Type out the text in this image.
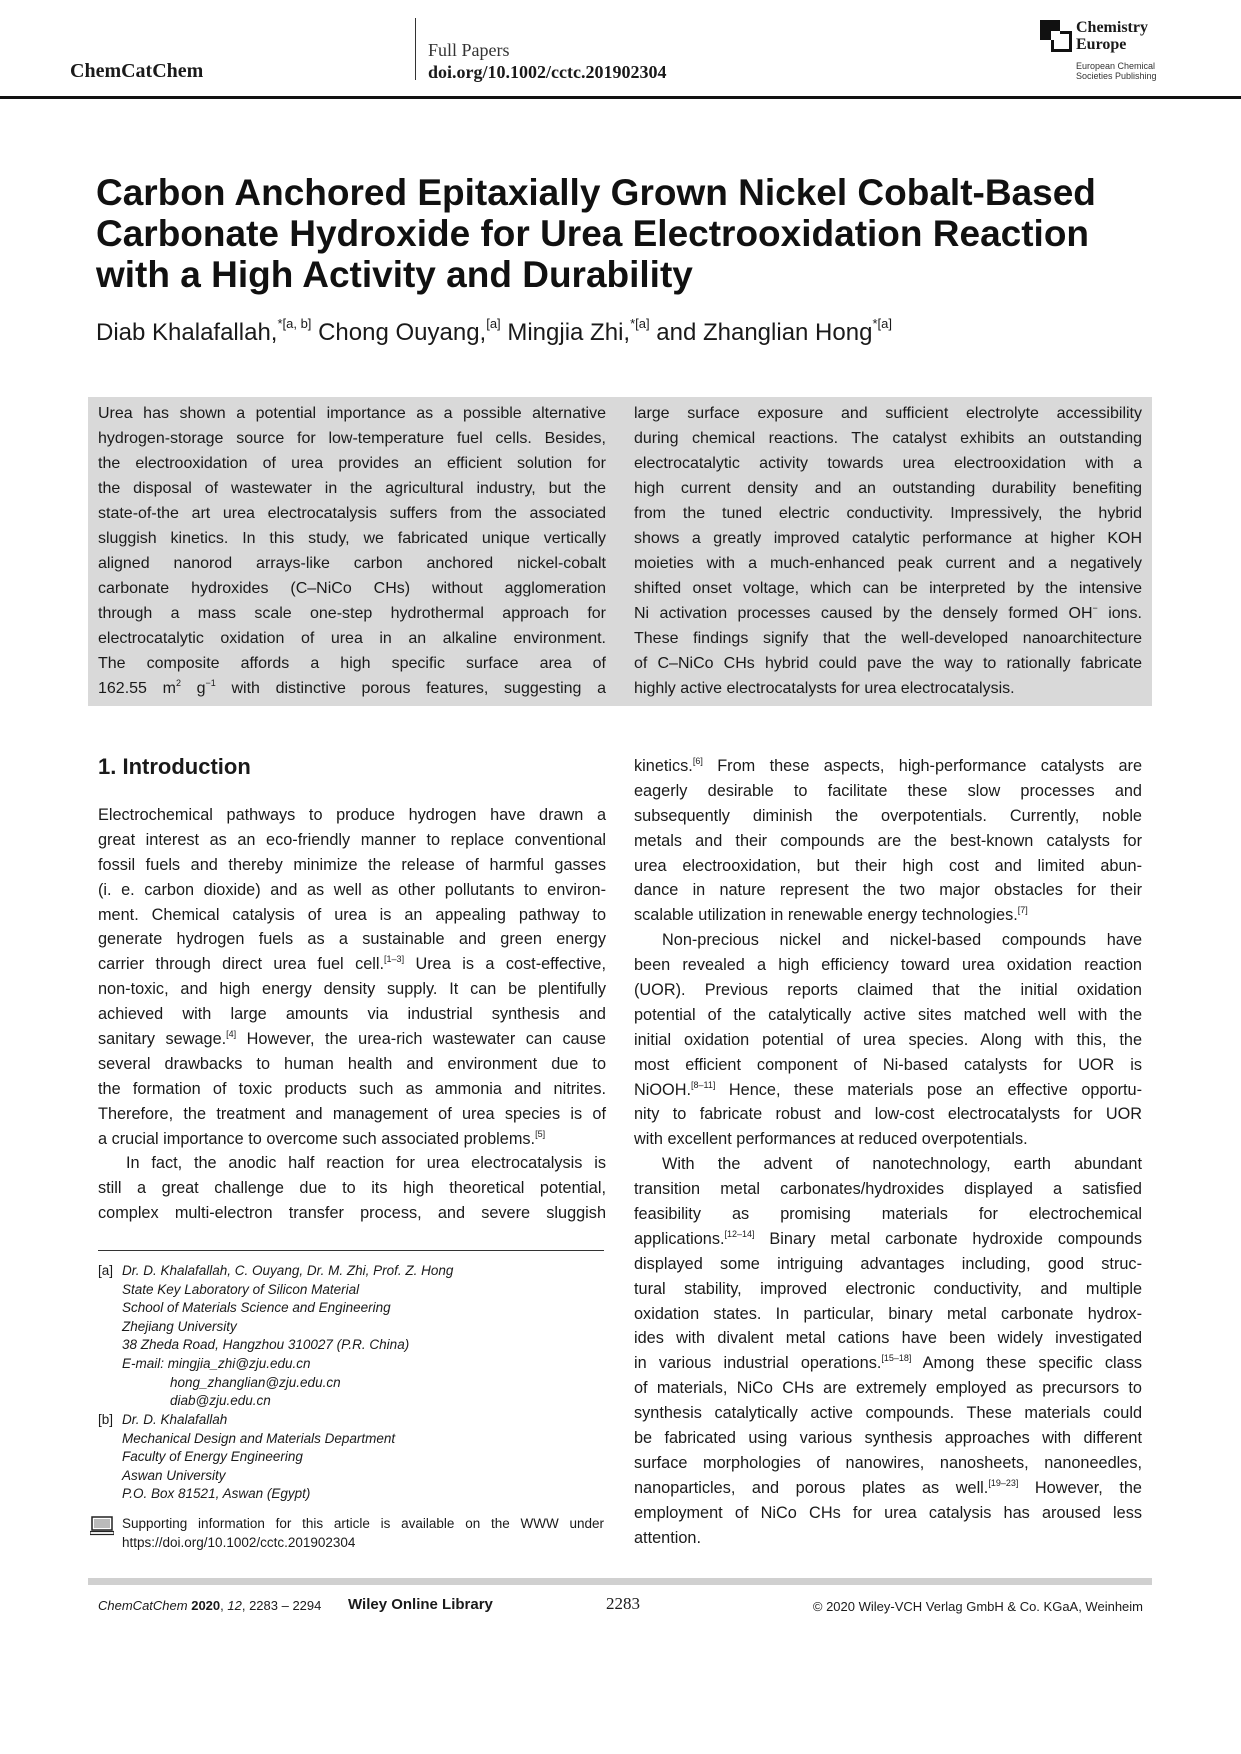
ChemCatChem
Full Papers
doi.org/10.1002/cctc.201902304
Chemistry
Europe
European Chemical
Societies Publishing
Carbon Anchored Epitaxially Grown Nickel Cobalt-Based
Carbonate Hydroxide for Urea Electrooxidation Reaction
with a High Activity and Durability
Diab Khalafallah,$^{*[a, b]}$ Chong Ouyang,[a] Mingjia Zhi,$^{*[a]}$ and Zhanglian Hong$^{*[a]}$
Urea has shown a potential importance as a possible alternative
hydrogen-storage source for low-temperature fuel cells. Besides,
the electrooxidation of urea provides an efficient solution for
the disposal of wastewater in the agricultural industry, but the
state-of-the art urea electrocatalysis suffers from the associated
sluggish kinetics. In this study, we fabricated unique vertically
aligned nanorod arrays-like carbon anchored nickel-cobalt
carbonate hydroxides (C–NiCo CHs) without agglomeration
through a mass scale one-step hydrothermal approach for
electrocatalytic oxidation of urea in an alkaline environment.
The composite affords a high specific surface area of
162.55 $m^2$ $g^{-1}$ with distinctive porous features, suggesting a
large surface exposure and sufficient electrolyte accessibility
during chemical reactions. The catalyst exhibits an outstanding
electrocatalytic activity towards urea electrooxidation with a
high current density and an outstanding durability benefiting
from the tuned electric conductivity. Impressively, the hybrid
shows a greatly improved catalytic performance at higher KOH
moieties with a much-enhanced peak current and a negatively
shifted onset voltage, which can be interpreted by the intensive
Ni activation processes caused by the densely formed OH− ions.
These findings signify that the well-developed nanoarchitecture
of C–NiCo CHs hybrid could pave the way to rationally fabricate
highly active electrocatalysts for urea electrocatalysis.
1. Introduction
Electrochemical pathways to produce hydrogen have drawn a
great interest as an eco-friendly manner to replace conventional
fossil fuels and thereby minimize the release of harmful gasses
(i. e. carbon dioxide) and as well as other pollutants to environ-
ment. Chemical catalysis of urea is an appealing pathway to
generate hydrogen fuels as a sustainable and green energy
carrier through direct urea fuel cell.[1–3] Urea is a cost-effective,
non-toxic, and high energy density supply. It can be plentifully
achieved with large amounts via industrial synthesis and
sanitary sewage.[4] However, the urea-rich wastewater can cause
several drawbacks to human health and environment due to
the formation of toxic products such as ammonia and nitrites.
Therefore, the treatment and management of urea species is of
a crucial importance to overcome such associated problems.[5]
In fact, the anodic half reaction for urea electrocatalysis is
still a great challenge due to its high theoretical potential,
complex multi-electron transfer process, and severe sluggish
kinetics.[6] From these aspects, high-performance catalysts are
eagerly desirable to facilitate these slow processes and
subsequently diminish the overpotentials. Currently, noble
metals and their compounds are the best-known catalysts for
urea electrooxidation, but their high cost and limited abun-
dance in nature represent the two major obstacles for their
scalable utilization in renewable energy technologies.[7]
Non-precious nickel and nickel-based compounds have
been revealed a high efficiency toward urea oxidation reaction
(UOR). Previous reports claimed that the initial oxidation
potential of the catalytically active sites matched well with the
initial oxidation potential of urea species. Along with this, the
most efficient component of Ni-based catalysts for UOR is
NiOOH.[8–11] Hence, these materials pose an effective opportu-
nity to fabricate robust and low-cost electrocatalysts for UOR
with excellent performances at reduced overpotentials.
With the advent of nanotechnology, earth abundant
transition metal carbonates/hydroxides displayed a satisfied
feasibility as promising materials for electrochemical
applications.[12–14] Binary metal carbonate hydroxide compounds
displayed some intriguing advantages including, good struc-
tural stability, improved electronic conductivity, and multiple
oxidation states. In particular, binary metal carbonate hydrox-
ides with divalent metal cations have been widely investigated
in various industrial operations.[15–18] Among these specific class
of materials, NiCo CHs are extremely employed as precursors to
synthesis catalytically active compounds. These materials could
be fabricated using various synthesis approaches with different
surface morphologies of nanowires, nanosheets, nanoneedles,
nanoparticles, and porous plates as well.[19–23] However, the
employment of NiCo CHs for urea catalysis has aroused less
attention.
[a] Dr. D. Khalafallah, C. Ouyang, Dr. M. Zhi, Prof. Z. Hong
State Key Laboratory of Silicon Material
School of Materials Science and Engineering
Zhejiang University
38 Zheda Road, Hangzhou 310027 (P.R. China)
E-mail: mingjia_zhi@zju.edu.cn
hong_zhanglian@zju.edu.cn
diab@zju.edu.cn
[b] Dr. D. Khalafallah
Mechanical Design and Materials Department
Faculty of Energy Engineering
Aswan University
P.O. Box 81521, Aswan (Egypt)
Supporting information for this article is available on the WWW under
https://doi.org/10.1002/cctc.201902304
ChemCatChem 2020, 12, 2283 – 2294 Wiley Online Library	2283	© 2020 Wiley-VCH Verlag GmbH & Co. KGaA, Weinheim
